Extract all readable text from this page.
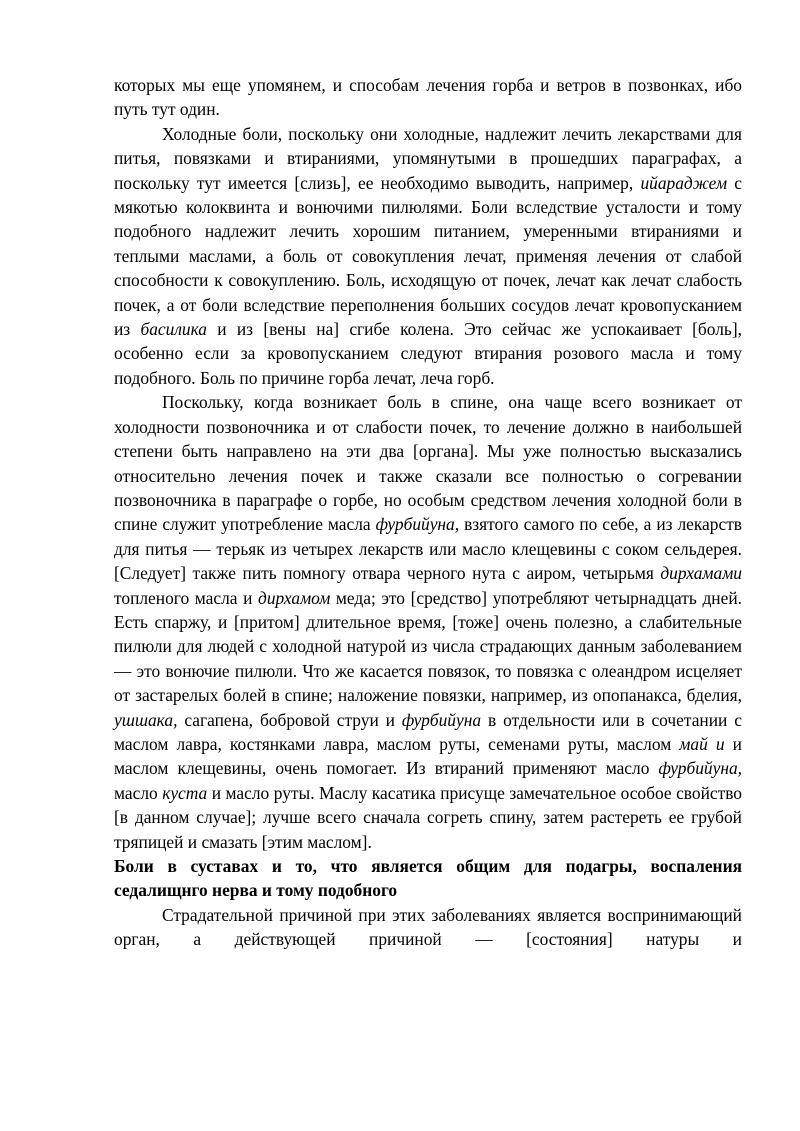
которых мы еще упомянем, и способам лечения горба и ветров в позвонках, ибо путь тут один.

Холодные боли, поскольку они холодные, надлежит лечить лекарствами для питья, повязками и втираниями, упомянутыми в прошедших параграфах, а поскольку тут имеется [слизь], ее необходимо выводить, например, ийараджем с мякотью колоквинта и вонючими пилюлями. Боли вследствие усталости и тому подобного надлежит лечить хорошим питанием, умеренными втираниями и теплыми маслами, а боль от совокупления лечат, применяя лечения от слабой способности к совокуплению. Боль, исходящую от почек, лечат как лечат слабость почек, а от боли вследствие переполнения больших сосудов лечат кровопусканием из басилика и из [вены на] сгибе колена. Это сейчас же успокаивает [боль], особенно если за кровопусканием следуют втирания розового масла и тому подобного. Боль по причине горба лечат, леча горб.

Поскольку, когда возникает боль в спине, она чаще всего возникает от холодности позвоночника и от слабости почек, то лечение должно в наибольшей степени быть направлено на эти два [органа]. Мы уже полностью высказались относительно лечения почек и также сказали все полностью о согревании позвоночника в параграфе о горбе, но особым средством лечения холодной боли в спине служит употребление масла фурбийуна, взятого самого по себе, а из лекарств для питья — терьяк из четырех лекарств или масло клещевины с соком сельдерея. [Следует] также пить помногу отвара черного нута с аиром, четырьмя дирхамами топленого масла и дирхамом меда; это [средство] употребляют четырнадцать дней. Есть спаржу, и [притом] длительное время, [тоже] очень полезно, а слабительные пилюли для людей с холодной натурой из числа страдающих данным заболеванием — это вонючие пилюли. Что же касается повязок, то повязка с олеандром исцеляет от застарелых болей в спине; наложение повязки, например, из опопанакса, бделия, ушшака, сагапена, бобровой струи и фурбийуна в отдельности или в сочетании с маслом лавра, костянками лавра, маслом руты, семенами руты, маслом май и и маслом клещевины, очень помогает. Из втираний применяют масло фурбийуна, масло куста и масло руты. Маслу касатика присуще замечательное особое свойство [в данном случае]; лучше всего сначала согреть спину, затем растереть ее грубой тряпицей и смазать [этим маслом].

Боли в суставах и то, что является общим для подагры, воспаления седалищнго нерва и тому подобного

Страдательной причиной при этих заболеваниях является воспринимающий орган, а действующей причиной — [состояния] натуры и
